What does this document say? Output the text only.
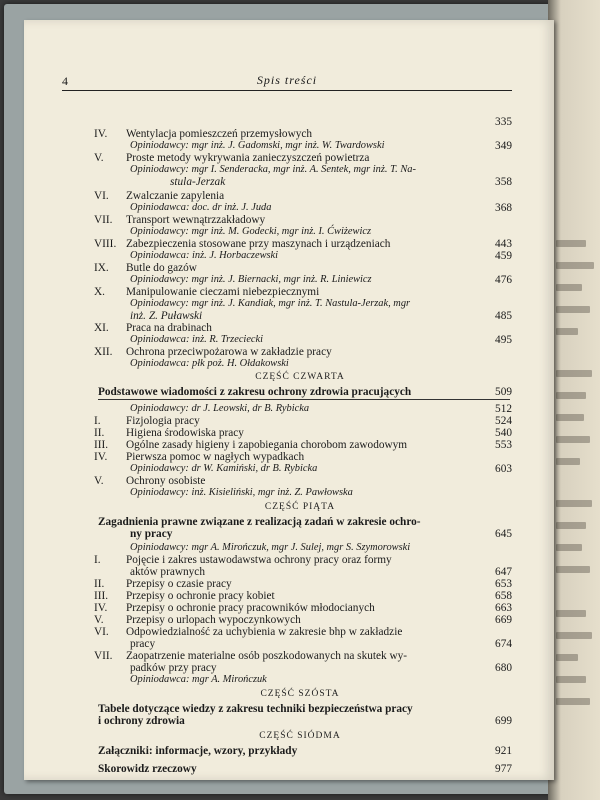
4	Spis treści
335
IV. Wentylacja pomieszczeń przemysłowych
Opiniodawcy: mgr inż. J. Gadomski, mgr inż. W. Twardowski	349
V. Proste metody wykrywania zanieczyszczeń powietrza
Opiniodawcy: mgr I. Senderacka, mgr inż. A. Sentek, mgr inż. T. Na-
stula-Jerzak	358
VI. Zwalczanie zapylenia
Opiniodawca: doc. dr inż. J. Juda	368
VII. Transport wewnątrzzakładowy
Opiniodawcy: mgr inż. M. Godecki, mgr inż. I. Ćwiżewicz
VIII. Zabezpieczenia stosowane przy maszynach i urządzeniach	443
Opiniodawca: inż. J. Horbaczewski	459
IX. Butle do gazów
Opiniodawcy: mgr inż. J. Biernacki, mgr inż. R. Liniewicz	476
X. Manipulowanie cieczami niebezpiecznymi
Opiniodawcy: mgr inż. J. Kandiak, mgr inż. T. Nastula-Jerzak, mgr
inż. Z. Puławski	485
XI. Praca na drabinach
Opiniodawca: inż. R. Trzeciecki	495
XII. Ochrona przeciwpożarowa w zakładzie pracy
Opiniodawca: płk poż. H. Ołdakowski
CZĘŚĆ CZWARTA
Podstawowe wiadomości z zakresu ochrony zdrowia pracujących	509
Opiniodawcy: dr J. Leowski, dr B. Rybicka	512
I. Fizjologia pracy	524
II. Higiena środowiska pracy	540
III. Ogólne zasady higieny i zapobiegania chorobom zawodowym	553
IV. Pierwsza pomoc w nagłych wypadkach
Opiniodawcy: dr W. Kamiński, dr B. Rybicka	603
V. Ochrony osobiste
Opiniodawcy: inż. Kisieliński, mgr inż. Z. Pawłowska
CZĘŚĆ PIĄTA
Zagadnienia prawne związane z realizacją zadań w zakresie ochro-
ny pracy	645
Opiniodawcy: mgr A. Mirończuk, mgr J. Sulej, mgr S. Szymorowski
I. Pojęcie i zakres ustawodawstwa ochrony pracy oraz formy
aktów prawnych	647
II. Przepisy o czasie pracy	653
III. Przepisy o ochronie pracy kobiet	658
IV. Przepisy o ochronie pracy pracowników młodocianych	663
V. Przepisy o urlopach wypoczynkowych	669
VI. Odpowiedzialność za uchybienia w zakresie bhp w zakładzie
pracy	674
VII. Zaopatrzenie materialne osób poszkodowanych na skutek wy-
padków przy pracy	680
Opiniodawca: mgr A. Mirończuk
CZĘŚĆ SZÓSTA
Tabele dotyczące wiedzy z zakresu techniki bezpieczeństwa pracy
i ochrony zdrowia	699
CZĘŚĆ SIÓDMA
Załączniki: informacje, wzory, przykłady	921
Skorowidz rzeczowy	977
